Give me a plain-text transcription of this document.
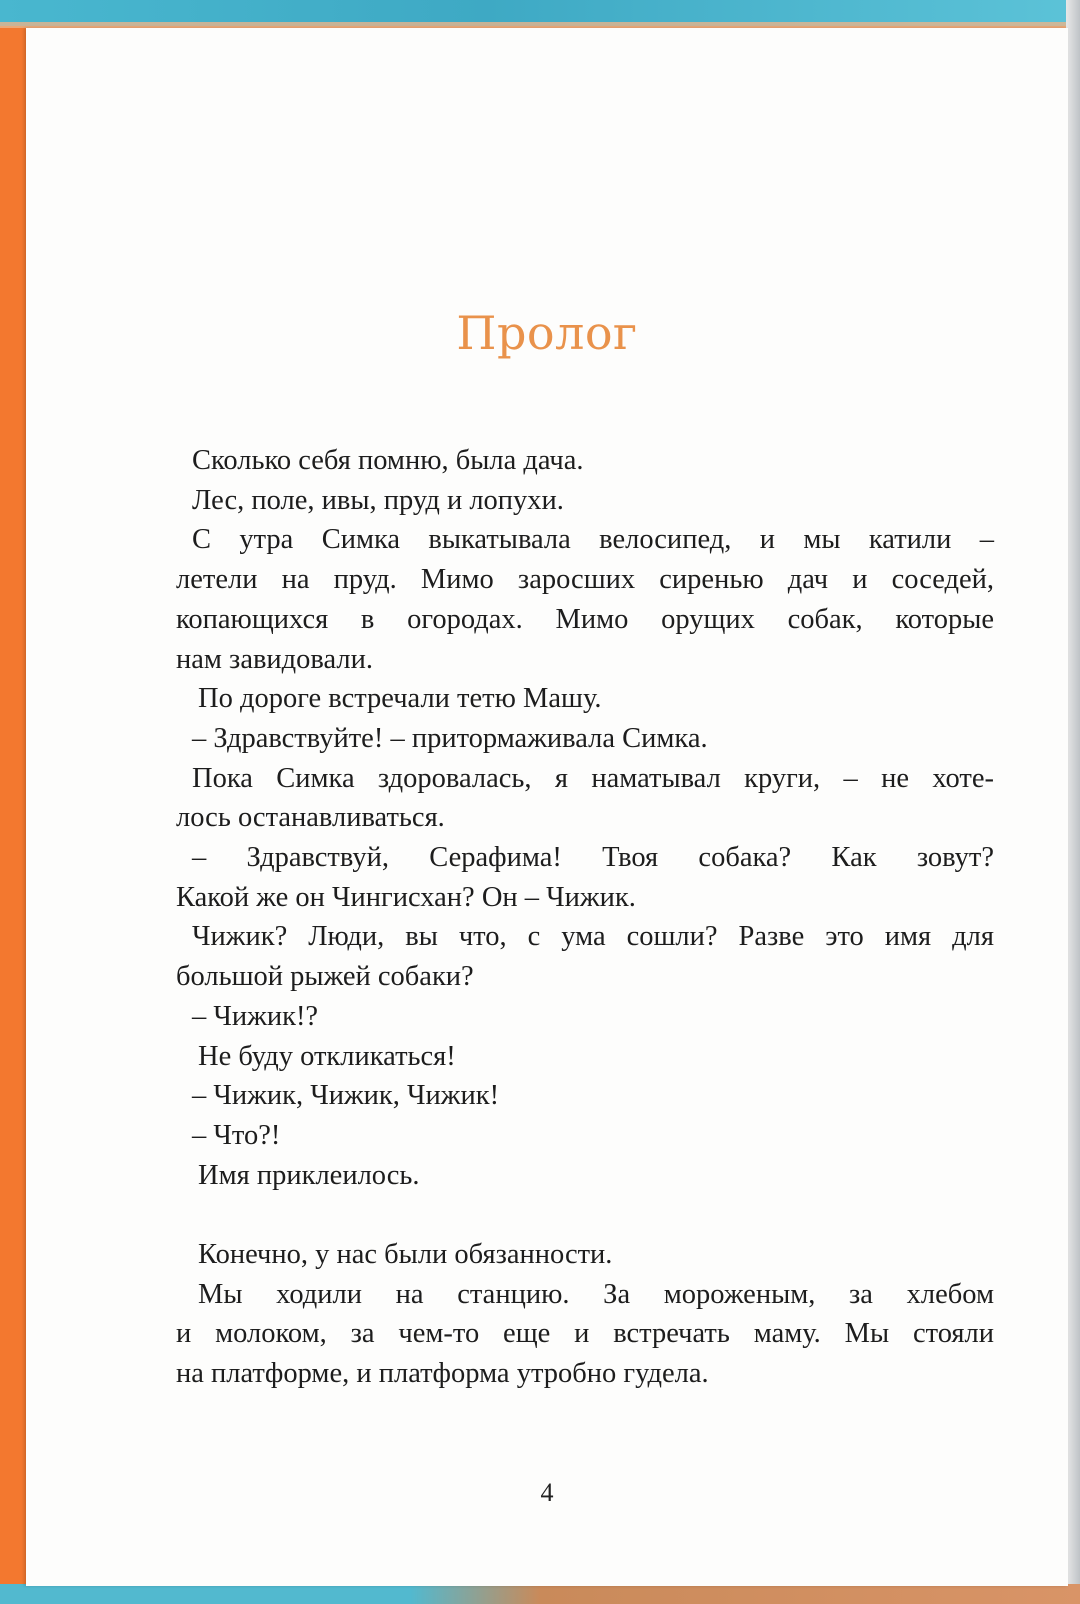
Пролог
Сколько себя помню, была дача.
Лес, поле, ивы, пруд и лопухи.
С утра Симка выкатывала велосипед, и мы катили –
летели на пруд. Мимо заросших сиренью дач и соседей,
копающихся в огородах. Мимо орущих собак, которые
нам завидовали.
По дороге встречали тетю Машу.
– Здравствуйте! – притормаживала Симка.
Пока Симка здоровалась, я наматывал круги, – не хоте-
лось останавливаться.
– Здравствуй, Серафима! Твоя собака? Как зовут?
Какой же он Чингисхан? Он – Чижик.
Чижик? Люди, вы что, с ума сошли? Разве это имя для
большой рыжей собаки?
– Чижик!?
Не буду откликаться!
– Чижик, Чижик, Чижик!
– Что?!
Имя приклеилось.
Конечно, у нас были обязанности.
Мы ходили на станцию. За мороженым, за хлебом
и молоком, за чем-то еще и встречать маму. Мы стояли
на платформе, и платформа утробно гудела.
4
